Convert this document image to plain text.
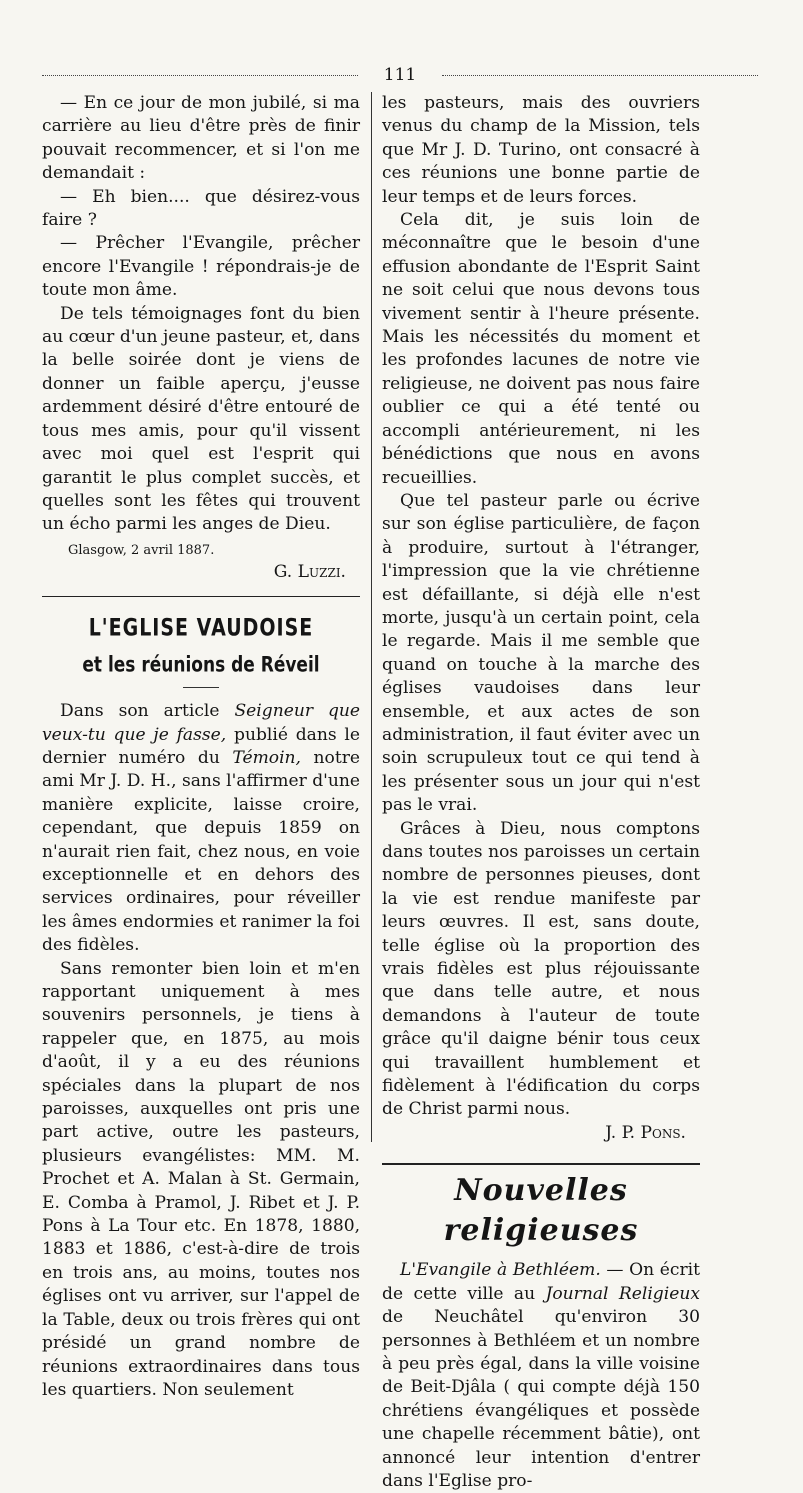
111

— En ce jour de mon jubilé, si ma carrière au lieu d'être près de finir pouvait recommencer, et si l'on me demandait :

— Eh bien.... que désirez-vous faire ?

— Prêcher l'Evangile, prêcher encore l'Evangile ! répondrais-je de toute mon âme.

De tels témoignages font du bien au cœur d'un jeune pasteur, et, dans la belle soirée dont je viens de donner un faible aperçu, j'eusse ardemment désiré d'être entouré de tous mes amis, pour qu'il vissent avec moi quel est l'esprit qui garantit le plus complet succès, et quelles sont les fêtes qui trouvent un écho parmi les anges de Dieu.

Glasgow, 2 avril 1887.
G. Luzzi.
L'EGLISE VAUDOISE
et les réunions de Réveil

Dans son article Seigneur que veux-tu que je fasse, publié dans le dernier numéro du Témoin, notre ami Mr J. D. H., sans l'affirmer d'une manière explicite, laisse croire, cependant, que depuis 1859 on n'aurait rien fait, chez nous, en voie exceptionnelle et en dehors des services ordinaires, pour réveiller les âmes endormies et ranimer la foi des fidèles.

Sans remonter bien loin et m'en rapportant uniquement à mes souvenirs personnels, je tiens à rappeler que, en 1875, au mois d'août, il y a eu des réunions spéciales dans la plupart de nos paroisses, auxquelles ont pris une part active, outre les pasteurs, plusieurs evangélistes: MM. M. Prochet et A. Malan à St. Germain, E. Comba à Pramol, J. Ribet et J. P. Pons à La Tour etc. En 1878, 1880, 1883 et 1886, c'est-à-dire de trois en trois ans, au moins, toutes nos églises ont vu arriver, sur l'appel de la Table, deux ou trois frères qui ont présidé un grand nombre de réunions extraordinaires dans tous les quartiers. Non seulement

les pasteurs, mais des ouvriers venus du champ de la Mission, tels que Mr J. D. Turino, ont consacré à ces réunions une bonne partie de leur temps et de leurs forces.

Cela dit, je suis loin de méconnaître que le besoin d'une effusion abondante de l'Esprit Saint ne soit celui que nous devons tous vivement sentir à l'heure présente. Mais les nécessités du moment et les profondes lacunes de notre vie religieuse, ne doivent pas nous faire oublier ce qui a été tenté ou accompli antérieurement, ni les bénédictions que nous en avons recueillies.

Que tel pasteur parle ou écrive sur son église particulière, de façon à produire, surtout à l'étranger, l'impression que la vie chrétienne est défaillante, si déjà elle n'est morte, jusqu'à un certain point, cela le regarde. Mais il me semble que quand on touche à la marche des églises vaudoises dans leur ensemble, et aux actes de son administration, il faut éviter avec un soin scrupuleux tout ce qui tend à les présenter sous un jour qui n'est pas le vrai.

Grâces à Dieu, nous comptons dans toutes nos paroisses un certain nombre de personnes pieuses, dont la vie est rendue manifeste par leurs œuvres. Il est, sans doute, telle église où la proportion des vrais fidèles est plus réjouissante que dans telle autre, et nous demandons à l'auteur de toute grâce qu'il daigne bénir tous ceux qui travaillent humblement et fidèlement à l'édification du corps de Christ parmi nous.

J. P. Pons.
Nouvelles religieuses

L'Evangile à Bethléem. — On écrit de cette ville au Journal Religieux de Neuchâtel qu'environ 30 personnes à Bethléem et un nombre à peu près égal, dans la ville voisine de Beit-Djâla ( qui compte déjà 150 chrétiens évangéliques et possède une chapelle récemment bâtie), ont annoncé leur intention d'entrer dans l'Eglise pro-
